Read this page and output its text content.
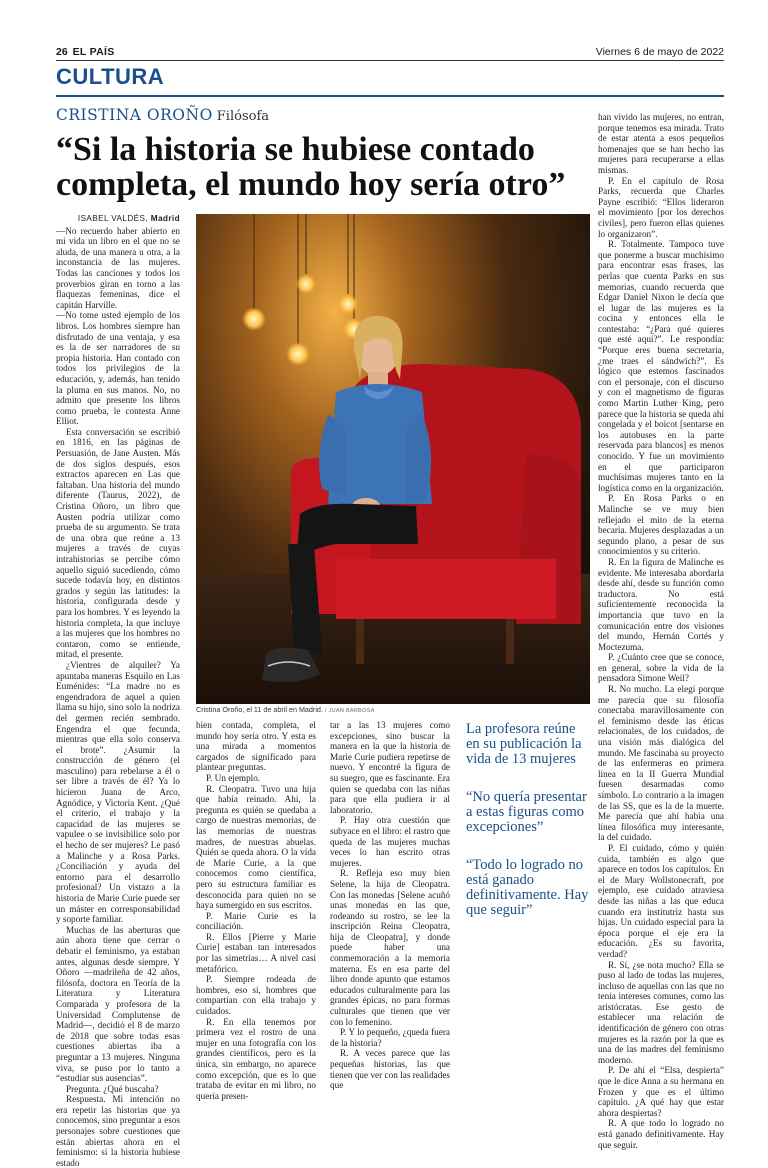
26 EL PAÍS	Viernes 6 de mayo de 2022
CULTURA
CRISTINA OROÑO Filósofa
“Si la historia se hubiese contado completa, el mundo hoy sería otro”
ISABEL VALDÉS, Madrid

—No recuerdo haber abierto en mi vida un libro en el que no se aluda, de una manera u otra, a la inconstancia de las mujeres. Todas las canciones y todos los proverbios giran en torno a las flaquezas femeninas, dice el capitán Harville.

—No tome usted ejemplo de los libros. Los hombres siempre han disfrutado de una ventaja, y esa es la de ser narradores de su propia historia. Han contado con todos los privilegios de la educación, y, además, han tenido la pluma en sus manos. No, no admito que presente los libros como prueba, le contesta Anne Elliot.

Esta conversación se escribió en 1816, en las páginas de Persuasión, de Jane Austen. Más de dos siglos después, esos extractos aparecen en Las que faltaban. Una historia del mundo diferente (Taurus, 2022), de Cristina Oñoro, un libro que Austen podría utilizar como prueba de su argumento. Se trata de una obra que reúne a 13 mujeres a través de cuyas intrahistorias se percibe cómo aquello siguió sucediendo, cómo sucede todavía hoy, en distintos grados y según las latitudes: la historia, configurada desde y para los hombres. Y es leyendo la historia completa, la que incluye a las mujeres que los hombres no contaron, como se entiende, mitad, el presente.

¿Vientres de alquiler? Ya apuntaba maneras Esquilo en Las Euménides: “La madre no es engendradora de aquel a quien llama su hijo, sino solo la nodriza del germen recién sembrado. Engendra el que fecunda, mientras que ella solo conserva el brote”. ¿Asumir la construcción de género (el masculino) para rebelarse a él o ser libre a través de él? Ya lo hicieron Juana de Arco, Agnódice, y Victoria Kent. ¿Qué el criterio, el trabajo y la capacidad de las mujeres se vapulee o se invisibilice solo por el hecho de ser mujeres? Le pasó a Malinche y a Rosa Parks. ¿Conciliación y ayuda del entorno para el desarrollo profesional? Un vistazo a la historia de Marie Curie puede ser un máster en corresponsabilidad y soporte familiar.

Muchas de las aberturas que aún ahora tiene que cerrar o debatir el feminismo, ya estaban antes, algunas desde siempre. Y Oñoro —madrileña de 42 años, filósofa, doctora en Teoría de la Literatura y Literatura Comparada y profesora de la Universidad Complutense de Madrid—, decidió el 8 de marzo de 2018 que sobre todas esas cuestiones abiertas iba a preguntar a 13 mujeres. Ninguna viva, se puso por lo tanto a “estudiar sus ausencias”.

Pregunta. ¿Qué buscaba?

Respuesta. Mi intención no era repetir las historias que ya conocemos, sino preguntar a esos personajes sobre cuestiones que están abiertas ahora en el feminismo: si la historia hubiese estado

Cristina Oroño, el 11 de abril en Madrid. / JUAN BARBOSA

bien contada, completa, el mundo hoy sería otro. Y esta es una mirada a momentos cargados de significado para plantear preguntas.

P. Un ejemplo.

R. Cleopatra. Tuvo una hija que había reinado. Ahí, la pregunta es quién se quedaba a cargo de nuestras memorias, de las memorias de nuestras madres, de nuestras abuelas. Quién se queda ahora. O la vida de Marie Curie, a la que conocemos como científica, pero su estructura familiar es desconocida para quien no se haya sumergido en sus escritos.

P. Marie Curie es la conciliación.

R. Ellos [Pierre y Marie Curie] estaban tan interesados por las simetrías… A nivel casi metafórico.

P. Siempre rodeada de hombres, eso sí, hombres que compartían con ella trabajo y cuidados.

R. En ella tenemos por primera vez el rostro de una mujer en una fotografía con los grandes científicos, pero es la única, sin embargo, no aparece como excepción, que es lo que trataba de evitar en mi libro, no quería presen-

tar a las 13 mujeres como excepciones, sino buscar la manera en la que la historia de Marie Curie pudiera repetirse de nuevo. Y encontré la figura de su suegro, que es fascinante. Era quien se quedaba con las niñas para que ella pudiera ir al laboratorio.

P. Hay otra cuestión que subyace en el libro: el rastro que queda de las mujeres muchas veces lo han escrito otras mujeres.

R. Refleja eso muy bien Selene, la hija de Cleopatra. Con las monedas [Selene acuñó unas monedas en las que, rodeando su rostro, se lee la inscripción Reina Cleopatra, hija de Cleopatra], y donde puede haber una conmemoración a la memoria materna. Es en esa parte del libro donde apunto que estamos educados culturalmente para las grandes épicas, no para formas culturales que tienen que ver con lo femenino.

P. Y lo pequeño, ¿queda fuera de la historia?

R. A veces parece que las pequeñas historias, las que tienen que ver con las realidades que

La profesora reúne en su publicación la vida de 13 mujeres
“No quería presentar a estas figuras como excepciones”
“Todo lo logrado no está ganado definitivamente. Hay que seguir”

han vivido las mujeres, no entran, porque tenemos esa mirada. Trato de estar atenta a esos pequeños homenajes que se han hecho las mujeres para recuperarse a ellas mismas.

P. En el capítulo de Rosa Parks, recuerda que Charles Payne escribió: “Ellos lideraron el movimiento [por los derechos civiles], pero fueron ellas quienes lo organizaron”.

R. Totalmente. Tampoco tuve que ponerme a buscar muchísimo para encontrar esas frases, las perlas que cuenta Parks en sus memorias, cuando recuerda que Edgar Daniel Nixon le decía que el lugar de las mujeres es la cocina y entonces ella le contestaba: “¿Para qué quieres que esté aquí?”. Le respondía: “Porque eres buena secretaria, ¿me traes el sándwich?”. Es lógico que estemos fascinados con el personaje, con el discurso y con el magnetismo de figuras como Martin Luther King, pero parece que la historia se queda ahí congelada y el boicot [sentarse en los autobuses en la parte reservada para blancos] es menos conocido. Y fue un movimiento en el que participaron muchísimas mujeres tanto en la logística como en la organización.

P. En Rosa Parks o en Malinche se ve muy bien reflejado el mito de la eterna becaria. Mujeres desplazadas a un segundo plano, a pesar de sus conocimientos y su criterio.

R. En la figura de Malinche es evidente. Me interesaba abordarla desde ahí, desde su función como traductora. No está suficientemente reconocida la importancia que tuvo en la comunicación entre dos visiones del mundo, Hernán Cortés y Moctezuma.

P. ¿Cuánto cree que se conoce, en general, sobre la vida de la pensadora Simone Weil?

R. No mucho. La elegí porque me parecía que su filosofía conectaba maravillosamente con el feminismo desde las éticas relacionales, de los cuidados, de una visión más dialógica del mundo. Me fascinaba su proyecto de las enfermeras en primera línea en la II Guerra Mundial fuesen desarmadas como símbolo. Lo contrario a la imagen de las SS, que es la de la muerte. Me parecía que ahí había una línea filosófica muy interesante, la del cuidado.

P. El cuidado, cómo y quién cuida, también es algo que aparece en todos los capítulos. En el de Mary Wollstonecraft, por ejemplo, ese cuidado atraviesa desde las niñas a las que educa cuando era institutriz hasta sus hijas. Un cuidado especial para la época porque el eje era la educación. ¿Es su favorita, verdad?

R. Sí, ¿se nota mucho? Ella se puso al lado de todas las mujeres, incluso de aquellas con las que no tenía intereses comunes, como las aristócratas. Ese gesto de establecer una relación de identificación de género con otras mujeres es la razón por la que es una de las madres del feminismo moderno.

P. De ahí el “Elsa, despierta” que le dice Anna a su hermana en Frozen y que es el último capítulo. ¿A qué hay que estar ahora despiertas?

R. A que todo lo logrado no está ganado definitivamente. Hay que seguir.
